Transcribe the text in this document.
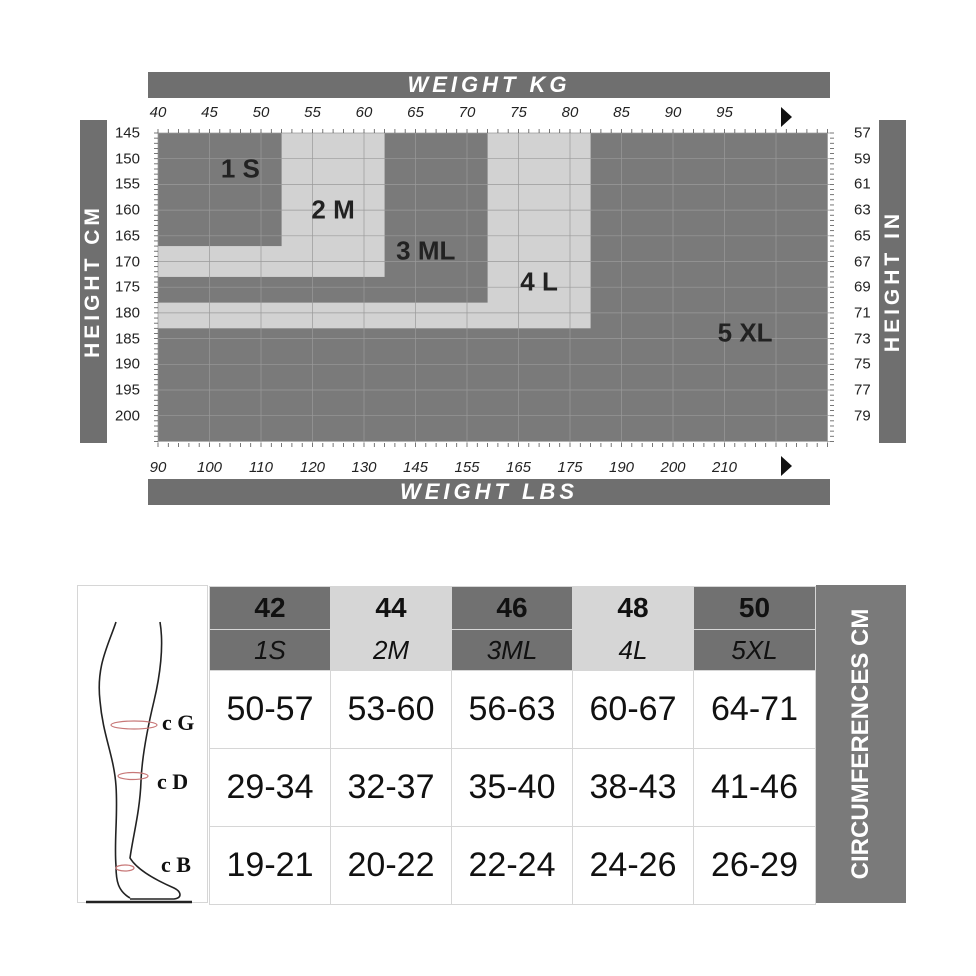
WEIGHT KG
WEIGHT LBS
HEIGHT CM	HEIGHT IN
40 45 50 55 60 65 70 75 80 85 90 95
90 100 110 120 130 145 155 165 175 190 200 210
145
150
155
160
165
170
175
180
185
190
195
200
57
59
61
63
65
67
69
71
73
75
77
79
1 S
2 M
3 ML
4 L
5 XL
c G
c D
c B
42	44	46	48	50
1S	2M	3ML	4L	5XL
50-57	53-60	56-63	60-67	64-71
29-34	32-37	35-40	38-43	41-46
19-21	20-22	22-24	24-26	26-29 CIRCUMFERENCES CM
